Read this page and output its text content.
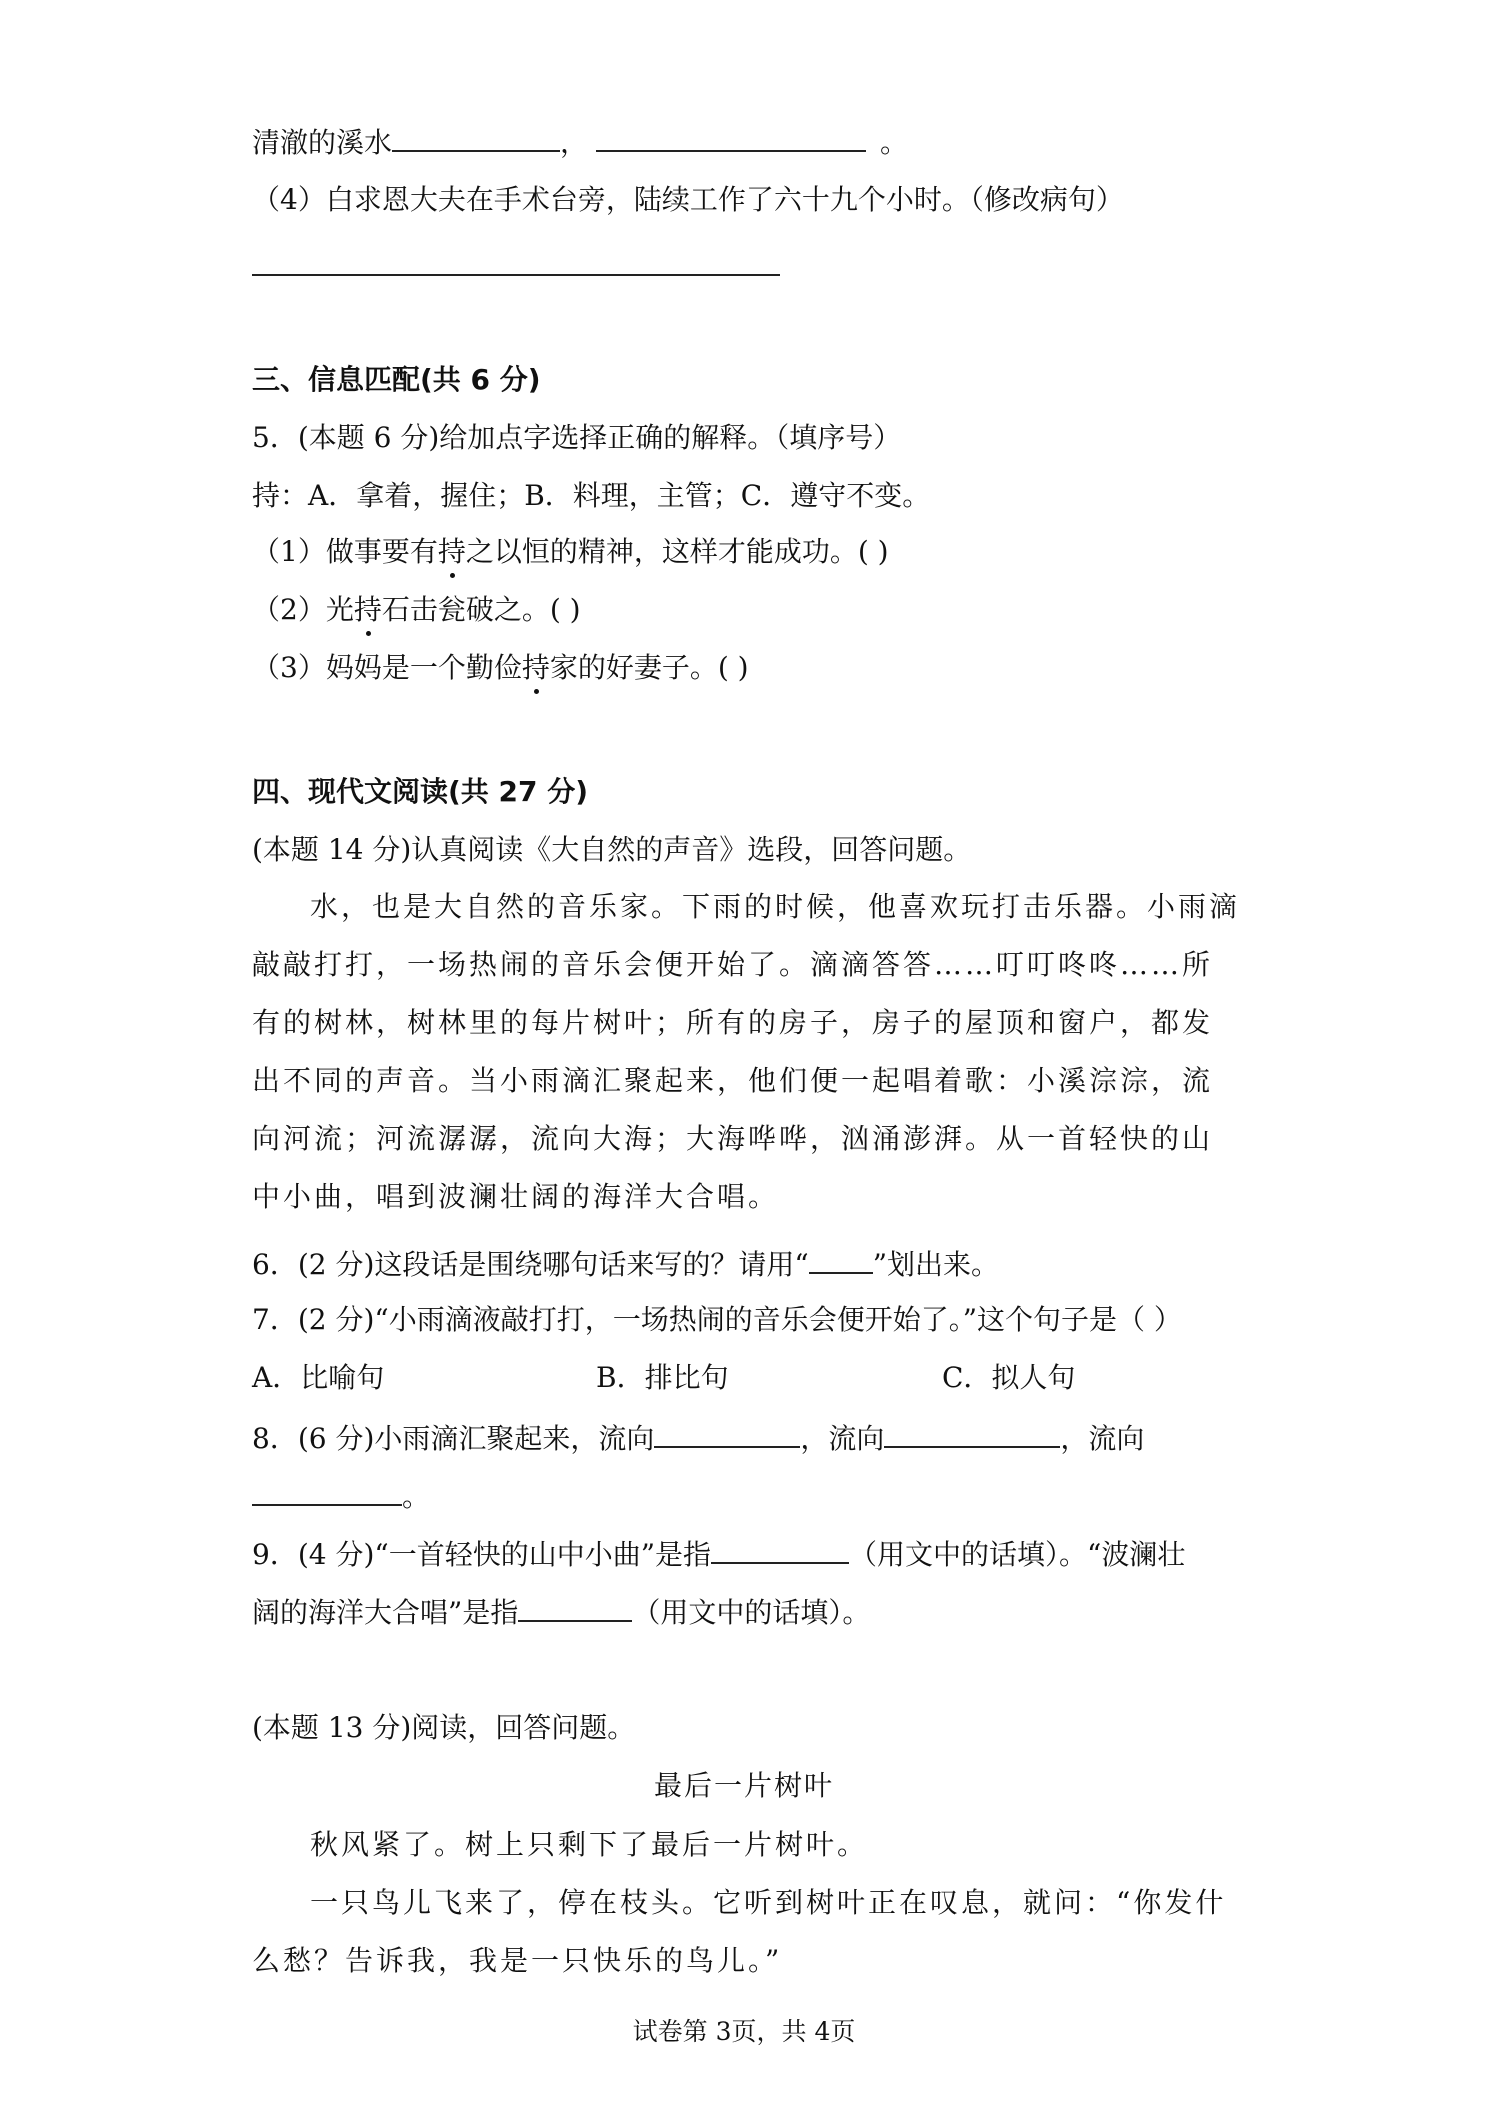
清澈的溪水	，	。
（4）白求恩大夫在手术台旁，陆续工作了六十九个小时。（修改病句）
三、信息匹配(共 6 分)
5．(本题 6 分)给加点字选择正确的解释。（填序号）
持：A．拿着，握住；B．料理，主管；C．遵守不变。
（1）做事要有持之以恒的精神，这样才能成功。( )
（2）光持石击瓮破之。( )
（3）妈妈是一个勤俭持家的好妻子。( )
四、现代文阅读(共 27 分)
(本题 14 分)认真阅读《大自然的声音》选段，回答问题。

水，也是大自然的音乐家。下雨的时候，他喜欢玩打击乐器。小雨滴敲敲打打，一场热闹的音乐会便开始了。滴滴答答……叮叮咚咚……所有的树林，树林里的每片树叶；所有的房子，房子的屋顶和窗户，都发出不同的声音。当小雨滴汇聚起来，他们便一起唱着歌：小溪淙淙，流向河流；河流潺潺，流向大海；大海哗哗，汹涌澎湃。从一首轻快的山中小曲，唱到波澜壮阔的海洋大合唱。

6．(2 分)这段话是围绕哪句话来写的？请用“ ”划出来。
7．(2 分)“小雨滴液敲打打，一场热闹的音乐会便开始了。”这个句子是（ ）
A．比喻句	B．排比句	C．拟人句
8．(6 分)小雨滴汇聚起来，流向	，流向	，流向
。
9．(4 分)“一首轻快的山中小曲”是指	（用文中的话填）。“波澜壮
阔的海洋大合唱”是指	（用文中的话填）。
(本题 13 分)阅读，回答问题。
最后一片树叶

秋风紧了。树上只剩下了最后一片树叶。

一只鸟儿飞来了，停在枝头。它听到树叶正在叹息，就问：“你发什么愁？告诉我，我是一只快乐的鸟儿。”

试卷第 3页，共 4页
